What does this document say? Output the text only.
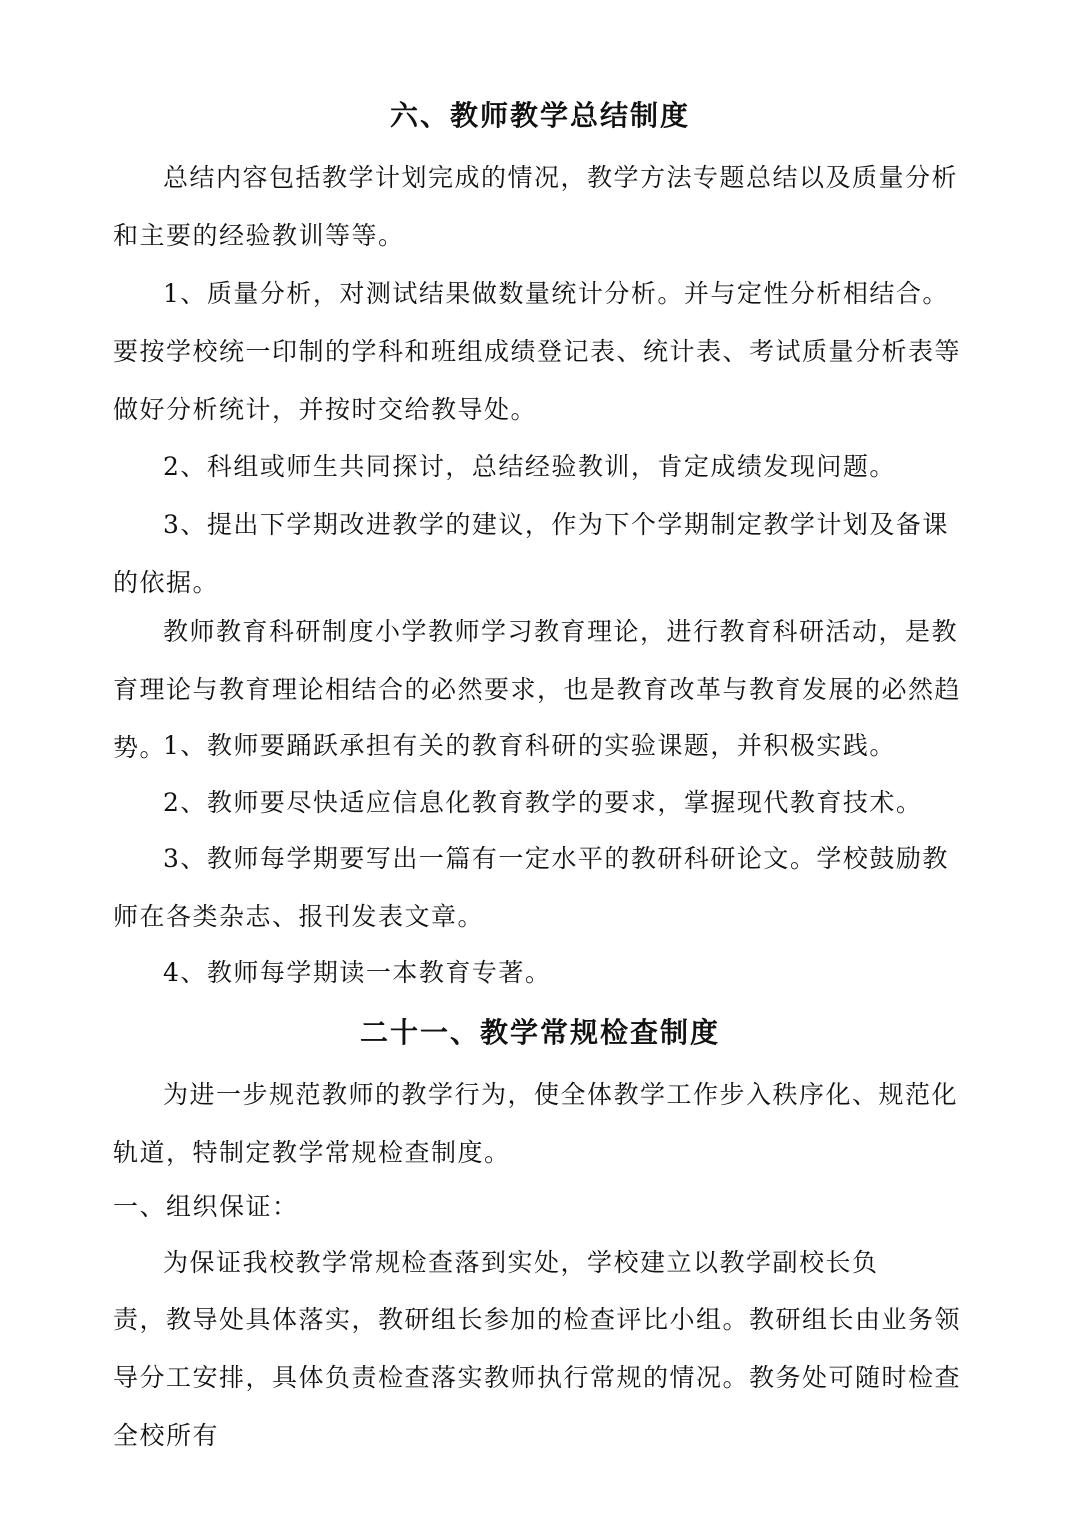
六、教师教学总结制度

总结内容包括教学计划完成的情况，教学方法专题总结以及质量分析和主要的经验教训等等。

1、质量分析，对测试结果做数量统计分析。并与定性分析相结合。要按学校统一印制的学科和班组成绩登记表、统计表、考试质量分析表等做好分析统计，并按时交给教导处。

2、科组或师生共同探讨，总结经验教训，肯定成绩发现问题。

3、提出下学期改进教学的建议，作为下个学期制定教学计划及备课的依据。

教师教育科研制度小学教师学习教育理论，进行教育科研活动，是教育理论与教育理论相结合的必然要求，也是教育改革与教育发展的必然趋势。

1、教师要踊跃承担有关的教育科研的实验课题，并积极实践。

2、教师要尽快适应信息化教育教学的要求，掌握现代教育技术。

3、教师每学期要写出一篇有一定水平的教研科研论文。学校鼓励教师在各类杂志、报刊发表文章。

4、教师每学期读一本教育专著。

二十一、教学常规检查制度

为进一步规范教师的教学行为，使全体教学工作步入秩序化、规范化轨道，特制定教学常规检查制度。

一、组织保证：

为保证我校教学常规检查落到实处，学校建立以教学副校长负

责，教导处具体落实，教研组长参加的检查评比小组。教研组长由业务领导分工安排，具体负责检查落实教师执行常规的情况。教务处可随时检查全校所有
